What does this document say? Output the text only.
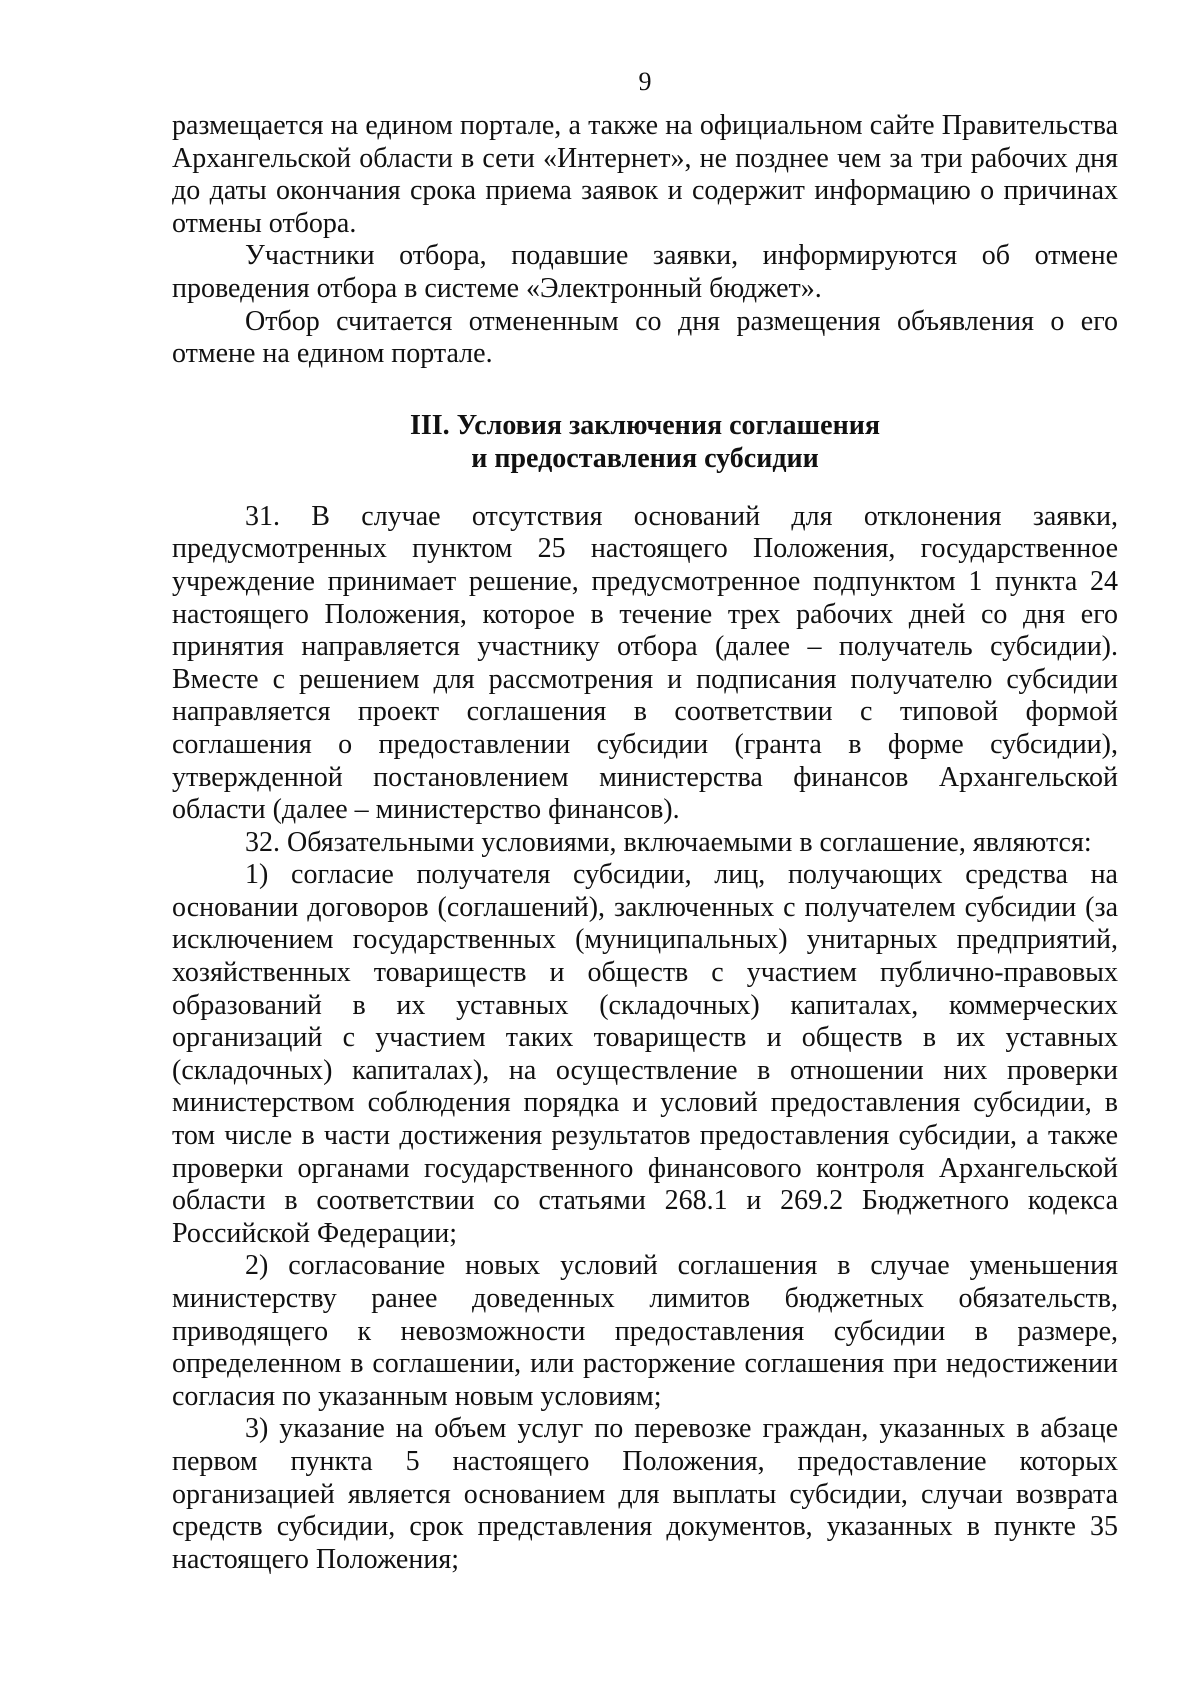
9

размещается на едином портале, а также на официальном сайте Правительства Архангельской области в сети «Интернет», не позднее чем за три рабочих дня до даты окончания срока приема заявок и содержит информацию о причинах отмены отбора.

Участники отбора, подавшие заявки, информируются об отмене проведения отбора в системе «Электронный бюджет».

Отбор считается отмененным со дня размещения объявления о его отмене на едином портале.

III. Условия заключения соглашения
и предоставления субсидии

31. В случае отсутствия оснований для отклонения заявки, предусмотренных пунктом 25 настоящего Положения, государственное учреждение принимает решение, предусмотренное подпунктом 1 пункта 24 настоящего Положения, которое в течение трех рабочих дней со дня его принятия направляется участнику отбора (далее – получатель субсидии). Вместе с решением для рассмотрения и подписания получателю субсидии направляется проект соглашения в соответствии с типовой формой соглашения о предоставлении субсидии (гранта в форме субсидии), утвержденной постановлением министерства финансов Архангельской области (далее – министерство финансов).

32. Обязательными условиями, включаемыми в соглашение, являются:

1) согласие получателя субсидии, лиц, получающих средства на основании договоров (соглашений), заключенных с получателем субсидии (за исключением государственных (муниципальных) унитарных предприятий, хозяйственных товариществ и обществ с участием публично-правовых образований в их уставных (складочных) капиталах, коммерческих организаций с участием таких товариществ и обществ в их уставных (складочных) капиталах), на осуществление в отношении них проверки министерством соблюдения порядка и условий предоставления субсидии, в том числе в части достижения результатов предоставления субсидии, а также проверки органами государственного финансового контроля Архангельской области в соответствии со статьями 268.1 и 269.2 Бюджетного кодекса Российской Федерации;

2) согласование новых условий соглашения в случае уменьшения министерству ранее доведенных лимитов бюджетных обязательств, приводящего к невозможности предоставления субсидии в размере, определенном в соглашении, или расторжение соглашения при недостижении согласия по указанным новым условиям;

3) указание на объем услуг по перевозке граждан, указанных в абзаце первом пункта 5 настоящего Положения, предоставление которых организацией является основанием для выплаты субсидии, случаи возврата средств субсидии, срок представления документов, указанных в пункте 35 настоящего Положения;
